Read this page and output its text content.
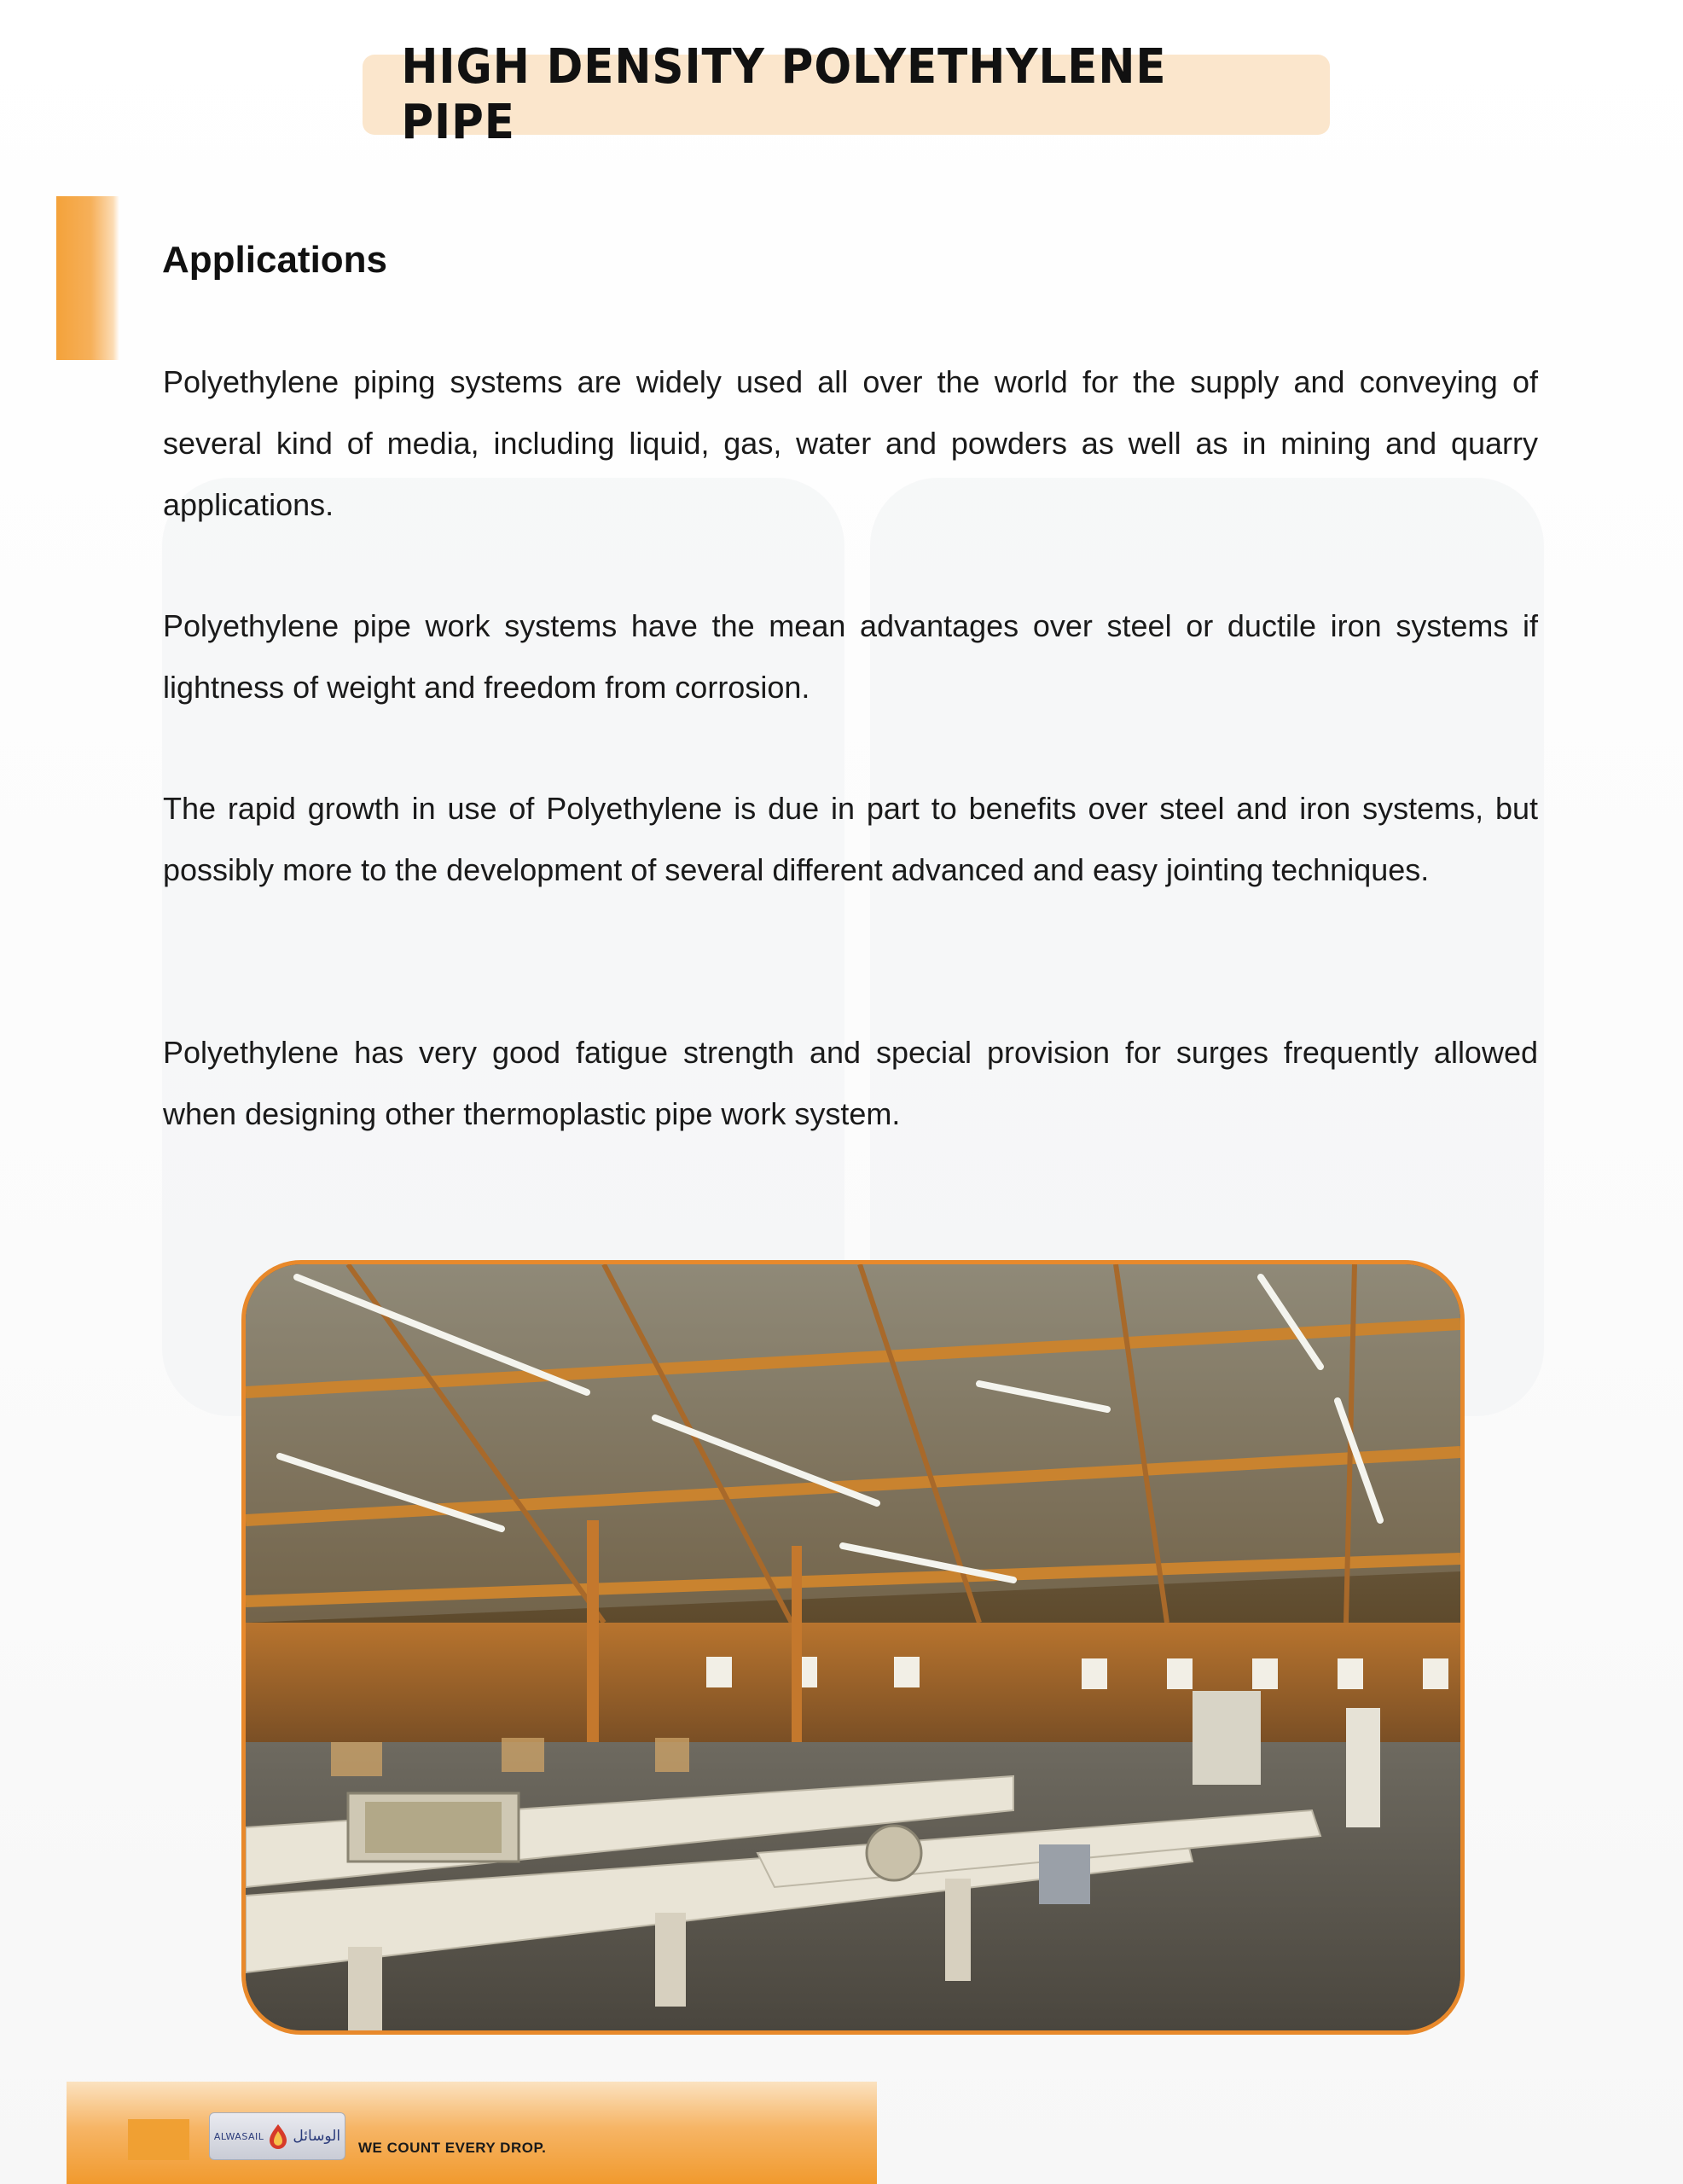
HIGH DENSITY POLYETHYLENE PIPE
Applications

Polyethylene piping systems are widely used all over the world for the supply and conveying of several kind of media, including liquid, gas, water and powders as well as in mining and quarry applications.

Polyethylene pipe work systems have the mean advantages over steel or ductile iron systems if lightness of weight and freedom from corrosion.

The rapid growth in use of Polyethylene is due in part to benefits over steel and iron systems, but possibly more to the development of several different advanced and easy jointing techniques.

Polyethylene has very good fatigue strength and special provision for surges frequently allowed when designing other thermoplastic pipe work system.

ALWASAIL الوسائل
WE COUNT EVERY DROP.
